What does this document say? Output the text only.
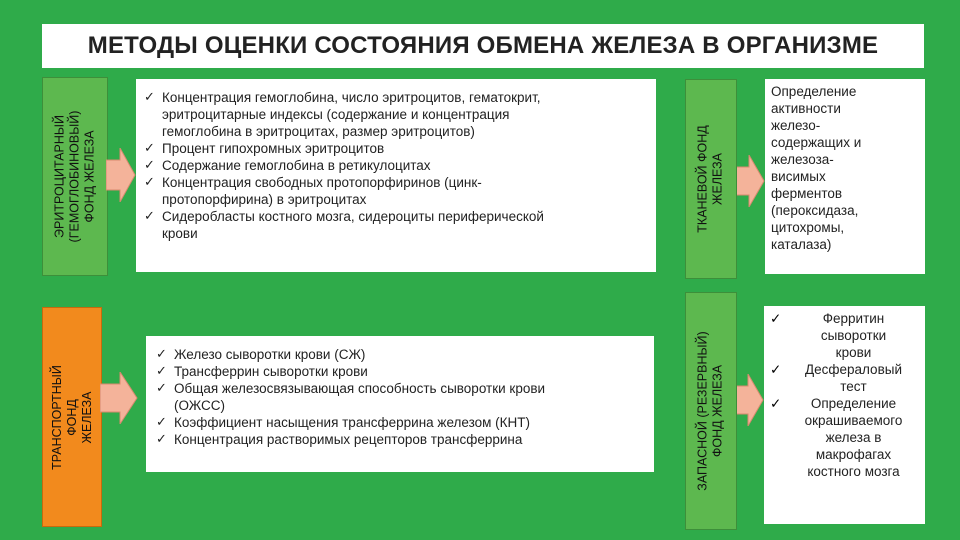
МЕТОДЫ ОЦЕНКИ СОСТОЯНИЯ ОБМЕНА ЖЕЛЕЗА В ОРГАНИЗМЕ
ЭРИТРОЦИТАРНЫЙ
(ГЕМОГЛОБИНОВЫЙ)
ФОНД ЖЕЛЕЗА
ТРАНСПОРТНЫЙ
ФОНД
ЖЕЛЕЗА
✓ Концентрация гемоглобина, число эритроцитов, гематокрит,
эритроцитарные индексы (содержание и концентрация
гемоглобина в эритроцитах, размер эритроцитов)
✓ Процент гипохромных эритроцитов
✓ Содержание гемоглобина в ретикулоцитах
✓ Концентрация свободных протопорфиринов (цинк-
протопорфирина) в эритроцитах
✓ Сидеробласты костного мозга, сидероциты периферической
крови
✓ Железо сыворотки крови (СЖ)
✓ Трансферрин сыворотки крови
✓ Общая железосвязывающая способность сыворотки крови
(ОЖСС)
✓ Коэффициент насыщения трансферрина железом (КНТ)
✓ Концентрация растворимых рецепторов трансферрина
ТКАНЕВОЙ ФОНД
ЖЕЛЕЗА
ЗАПАСНОЙ (РЕЗЕРВНЫЙ)
ФОНД ЖЕЛЕЗА
Определение
активности
железо-
содержащих и
железоза-
висимых
ферментов
(пероксидаза,
цитохромы,
каталаза)
✓	Ферритин
сыворотки
крови
✓ Десфераловый
тест
✓ Определение
окрашиваемого
железа в
макрофагах
костного мозга
